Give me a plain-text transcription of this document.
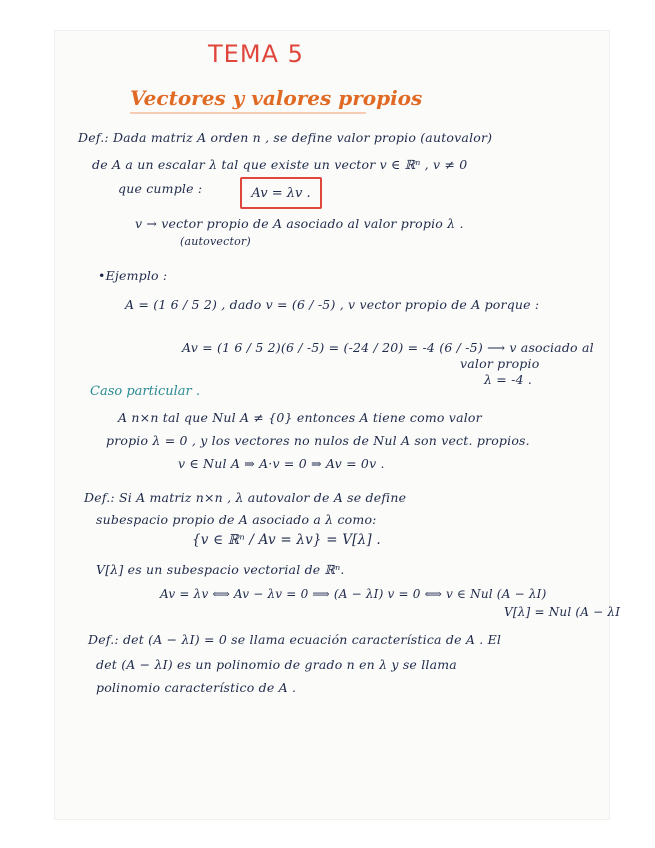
TEMA 5
Vectores y valores propios
Def.: Dada matriz A orden n , se define valor propio (autovalor)
de A a un escalar λ tal que existe un vector v ∈ ℝⁿ , v ≠ 0
que cumple :	Av = λv .
v → vector propio de A asociado al valor propio λ .
(autovector)
•Ejemplo :
A = (1 6 / 5 2) , dado v = (6 / -5) , v vector propio de A porque :
Av = (1 6 / 5 2)(6 / -5) = (-24 / 20) = -4 (6 / -5) ⟶ v asociado al
valor propio
λ = -4 .
Caso particular .
A n×n tal que Nul A ≠ {0} entonces A tiene como valor
propio λ = 0 , y los vectores no nulos de Nul A son vect. propios.
v ∈ Nul A ⇒ A·v = 0 ⇒ Av = 0v .
Def.: Si A matriz n×n , λ autovalor de A se define
subespacio propio de A asociado a λ como:
{v ∈ ℝⁿ / Av = λv} = V[λ] .
V[λ] es un subespacio vectorial de ℝⁿ.
Av = λv ⟺ Av − λv = 0 ⟹ (A − λI) v = 0 ⟺ v ∈ Nul (A − λI)
V[λ] = Nul (A − λI
Def.: det (A − λI) = 0 se llama ecuación característica de A . El
det (A − λI) es un polinomio de grado n en λ y se llama
polinomio característico de A .
